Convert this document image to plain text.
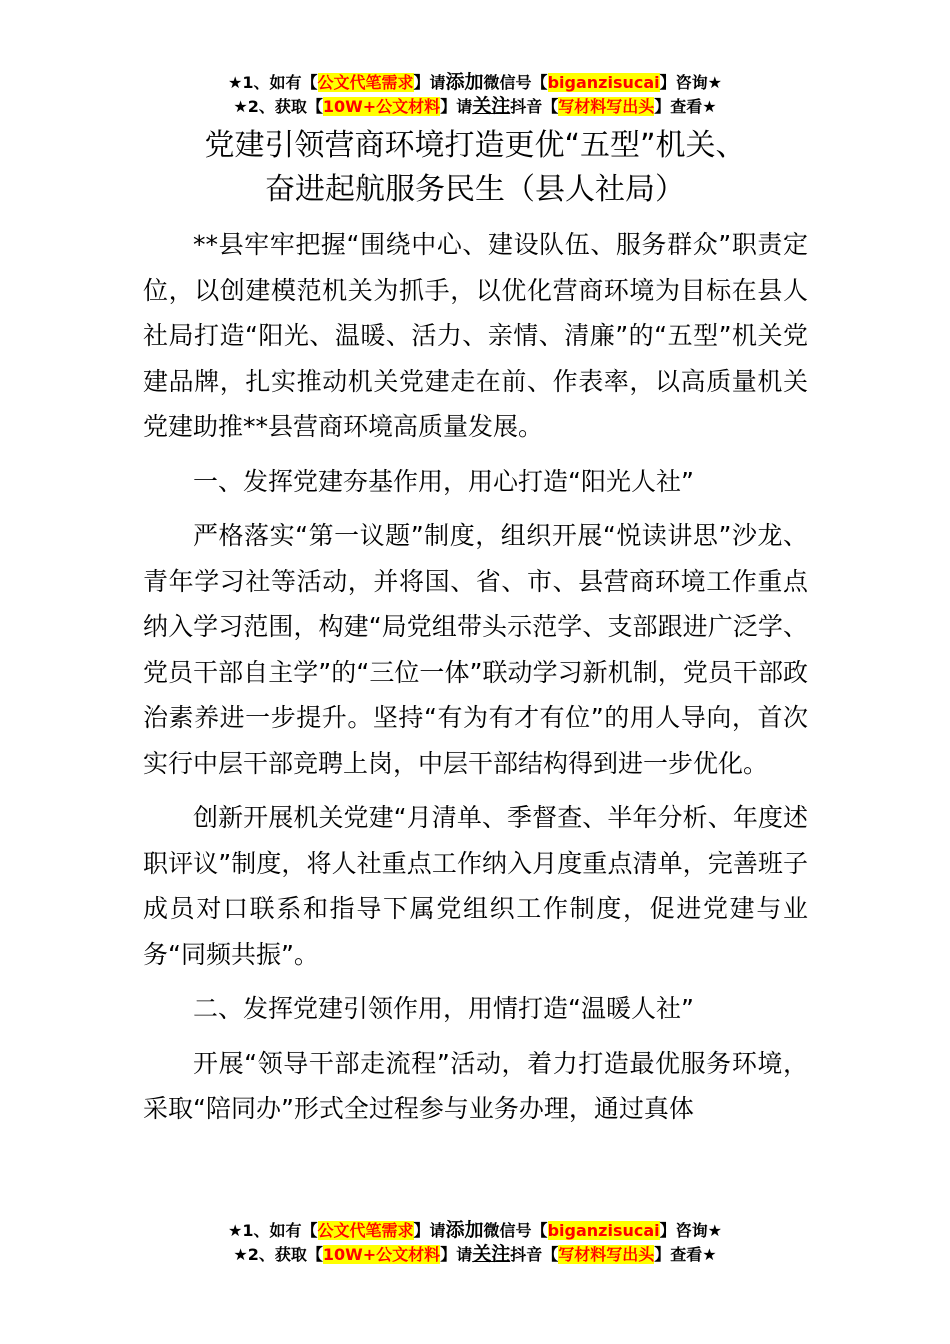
★1、如有【公文代笔需求】请添加微信号【biganzisucai】咨询★
★2、获取【10W+公文材料】请关注抖音【写材料写出头】查看★
党建引领营商环境打造更优“五型”机关、
奋进起航服务民生（县人社局）

**县牢牢把握“围绕中心、建设队伍、服务群众”职责定位，以创建模范机关为抓手，以优化营商环境为目标在县人社局打造“阳光、温暖、活力、亲情、清廉”的“五型”机关党建品牌，扎实推动机关党建走在前、作表率，以高质量机关党建助推**县营商环境高质量发展。

一、发挥党建夯基作用，用心打造“阳光人社”

严格落实“第一议题”制度，组织开展“悦读讲思”沙龙、青年学习社等活动，并将国、省、市、县营商环境工作重点纳入学习范围，构建“局党组带头示范学、支部跟进广泛学、党员干部自主学”的“三位一体”联动学习新机制，党员干部政治素养进一步提升。坚持“有为有才有位”的用人导向，首次实行中层干部竞聘上岗，中层干部结构得到进一步优化。

创新开展机关党建“月清单、季督查、半年分析、年度述职评议”制度，将人社重点工作纳入月度重点清单，完善班子成员对口联系和指导下属党组织工作制度，促进党建与业务“同频共振”。

二、发挥党建引领作用，用情打造“温暖人社”

开展“领导干部走流程”活动，着力打造最优服务环境，采取“陪同办”形式全过程参与业务办理，通过真体

★1、如有【公文代笔需求】请添加微信号【biganzisucai】咨询★
★2、获取【10W+公文材料】请关注抖音【写材料写出头】查看★
